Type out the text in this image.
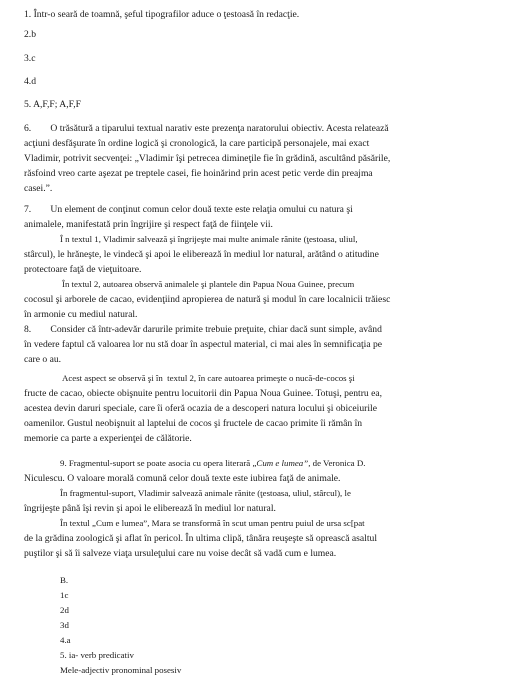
1. Într-o seară de toamnă, şeful tipografilor aduce o ţestoasă în redacţie.

2.b

3.c

4.d

5. A,F,F; A,F,F

6.        O trăsătură a tiparului textual narativ este prezenţa naratorului obiectiv. Acesta relatează

acţiuni desfăşurate în ordine logică şi cronologică, la care participă personajele, mai exact

Vladimir, potrivit secvenţei: „Vladimir îşi petrecea dimineţile fie în grădină, ascultând păsările,

răsfoind vreo carte aşezat pe treptele casei, fie hoinărind prin acest petic verde din preajma

casei.”.

7.        Un element de conţinut comun celor două texte este relaţia omului cu natura şi

animalele, manifestată prin îngrijire şi respect faţă de fiinţele vii.

Î n textul 1, Vladimir salvează şi îngrijeşte mai multe animale rănite (ţestoasa, uliul,

stârcul), le hrăneşte, le vindecă şi apoi le eliberează în mediul lor natural, arătând o atitudine

protectoare faţă de vieţuitoare.

În textul 2, autoarea observă animalele şi plantele din Papua Noua Guinee, precum

cocosul şi arborele de cacao, evidenţiind apropierea de natură şi modul în care localnicii trăiesc

în armonie cu mediul natural.

8.        Consider că într-adevăr darurile primite trebuie preţuite, chiar dacă sunt simple, având

în vedere faptul că valoarea lor nu stă doar în aspectul material, ci mai ales în semnificaţia pe

care o au.

Acest aspect se observă şi în  textul 2, în care autoarea primeşte o nucă-de-cocos şi

fructe de cacao, obiecte obişnuite pentru locuitorii din Papua Noua Guinee. Totuşi, pentru ea,

acestea devin daruri speciale, care îi oferă ocazia de a descoperi natura locului şi obiceiurile

oamenilor. Gustul neobişnuit al laptelui de cocos şi fructele de cacao primite îi rămân în

memorie ca parte a experienţei de călătorie.

9. Fragmentul-suport se poate asocia cu opera literară „Cum e lumea”, de Veronica D.

Niculescu. O valoare morală comună celor două texte este iubirea faţă de animale.

În fragmentul-suport, Vladimir salvează animale rănite (ţestoasa, uliul, stârcul), le

îngrijeşte până îşi revin şi apoi le eliberează în mediul lor natural.

În textul „Cum e lumea”, Mara se transformă în scut uman pentru puiul de ursa sc[pat

de la grădina zoologică şi aflat în pericol. În ultima clipă, tânăra reuşeşte să oprească asaltul

puştilor şi să îi salveze viaţa ursuleţului care nu voise decât să vadă cum e lumea.

B.

1c

2d

3d

4.a

5. ia- verb predicativ

Mele-adjectiv pronominal posesiv
